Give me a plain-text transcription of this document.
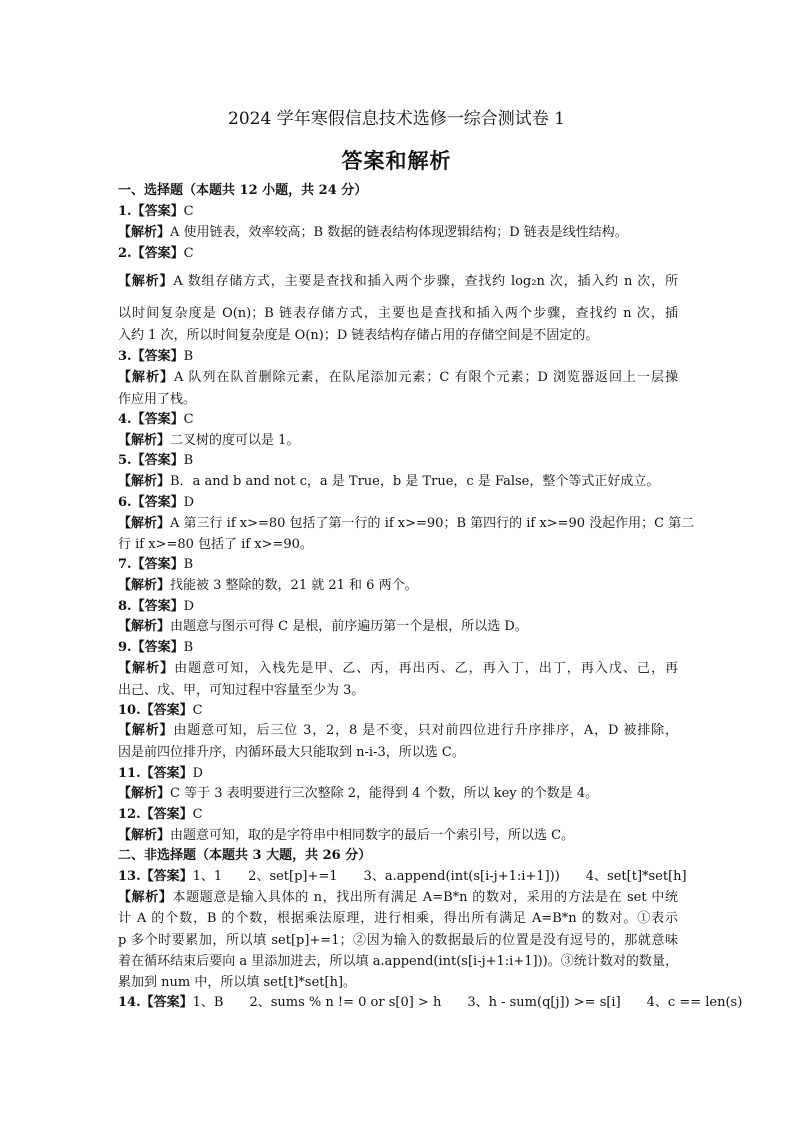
2024 学年寒假信息技术选修一综合测试卷 1
答案和解析
一、选择题（本题共 12 小题，共 24 分）
1.【答案】C
【解析】A 使用链表，效率较高；B 数据的链表结构体现逻辑结构；D 链表是线性结构。
2.【答案】C
【解析】A 数组存储方式，主要是查找和插入两个步骤，查找约 log₂n 次，插入约 n 次，所
以时间复杂度是 O(n)；B 链表存储方式，主要也是查找和插入两个步骤，查找约 n 次，插
入约 1 次，所以时间复杂度是 O(n)；D 链表结构存储占用的存储空间是不固定的。
3.【答案】B
【解析】A 队列在队首删除元素，在队尾添加元素；C 有限个元素；D 浏览器返回上一层操
作应用了栈。
4.【答案】C
【解析】二叉树的度可以是 1。
5.【答案】B
【解析】B．a and b and not c，a 是 True，b 是 True，c 是 False，整个等式正好成立。
6.【答案】D
【解析】A 第三行 if x>=80 包括了第一行的 if x>=90；B 第四行的 if x>=90 没起作用；C 第二
行 if x>=80 包括了 if x>=90。
7.【答案】B
【解析】找能被 3 整除的数，21 就 21 和 6 两个。
8.【答案】D
【解析】由题意与图示可得 C 是根，前序遍历第一个是根，所以选 D。
9.【答案】B
【解析】由题意可知，入栈先是甲、乙、丙，再出丙、乙，再入丁，出丁，再入戊、己，再
出己、戊、甲，可知过程中容量至少为 3。
10.【答案】C
【解析】由题意可知，后三位 3，2，8 是不变，只对前四位进行升序排序，A，D 被排除，
因是前四位排升序，内循环最大只能取到 n-i-3，所以选 C。
11.【答案】D
【解析】C 等于 3 表明要进行三次整除 2，能得到 4 个数，所以 key 的个数是 4。
12.【答案】C
【解析】由题意可知，取的是字符串中相同数字的最后一个索引号，所以选 C。
二、非选择题（本题共 3 大题，共 26 分）
13.【答案】1、1　　2、set[p]+=1　　3、a.append(int(s[i-j+1:i+1]))　　4、set[t]*set[h]
【解析】本题题意是输入具体的 n，找出所有满足 A=B*n 的数对，采用的方法是在 set 中统
计 A 的个数，B 的个数，根据乘法原理，进行相乘，得出所有满足 A=B*n 的数对。①表示
p 多个时要累加，所以填 set[p]+=1；②因为输入的数据最后的位置是没有逗号的，那就意味
着在循环结束后要向 a 里添加进去，所以填 a.append(int(s[i-j+1:i+1]))。③统计数对的数量，
累加到 num 中，所以填 set[t]*set[h]。
14.【答案】1、B　　2、sums % n != 0 or s[0] > h　　3、h - sum(q[j]) >= s[i]　　4、c == len(s)
